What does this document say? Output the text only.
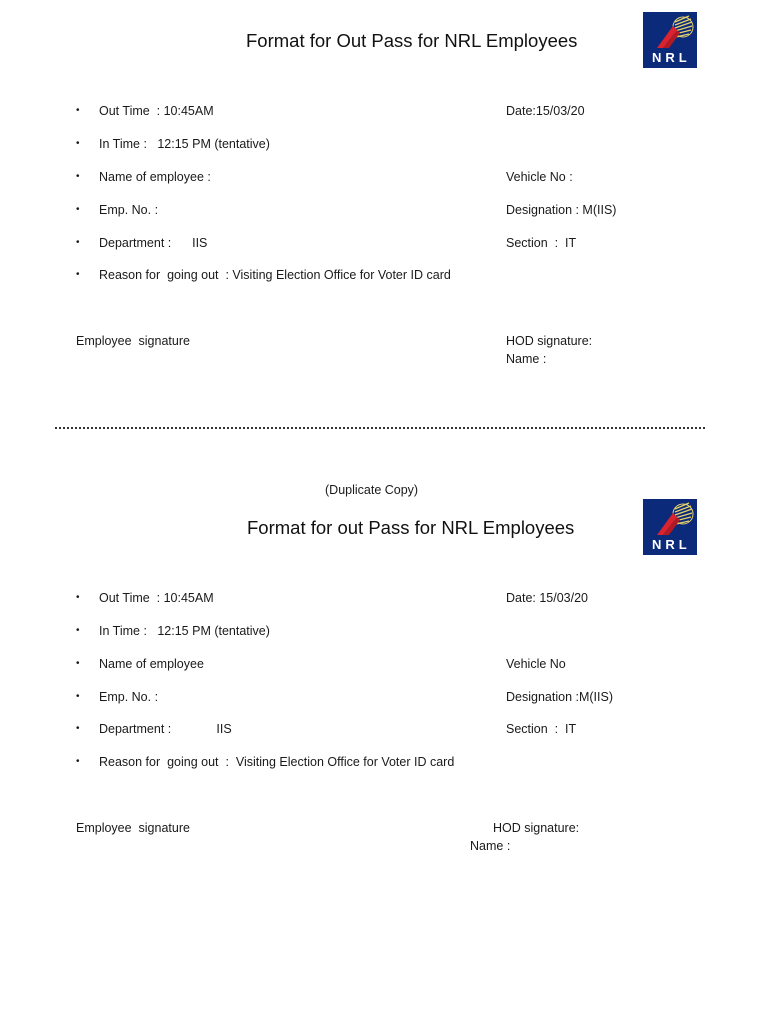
Format for Out Pass for NRL Employees
NRL
• Out Time  : 10:45AM	Date:15/03/20
• In Time :   12:15 PM (tentative)
• Name of employee :	Vehicle No :
• Emp. No. :	Designation : M(IIS)
• Department :      IIS	Section  :  IT
• Reason for  going out  : Visiting Election Office for Voter ID card
Employee  signature	HOD signature:
Name :
(Duplicate Copy)
Format for out Pass for NRL Employees
NRL
• Out Time  : 10:45AM	Date: 15/03/20
• In Time :   12:15 PM (tentative)
• Name of employee	Vehicle No
• Emp. No. :	Designation :M(IIS)
• Department :             IIS	Section  :  IT
• Reason for  going out  :  Visiting Election Office for Voter ID card
Employee  signature	HOD signature:
Name :
